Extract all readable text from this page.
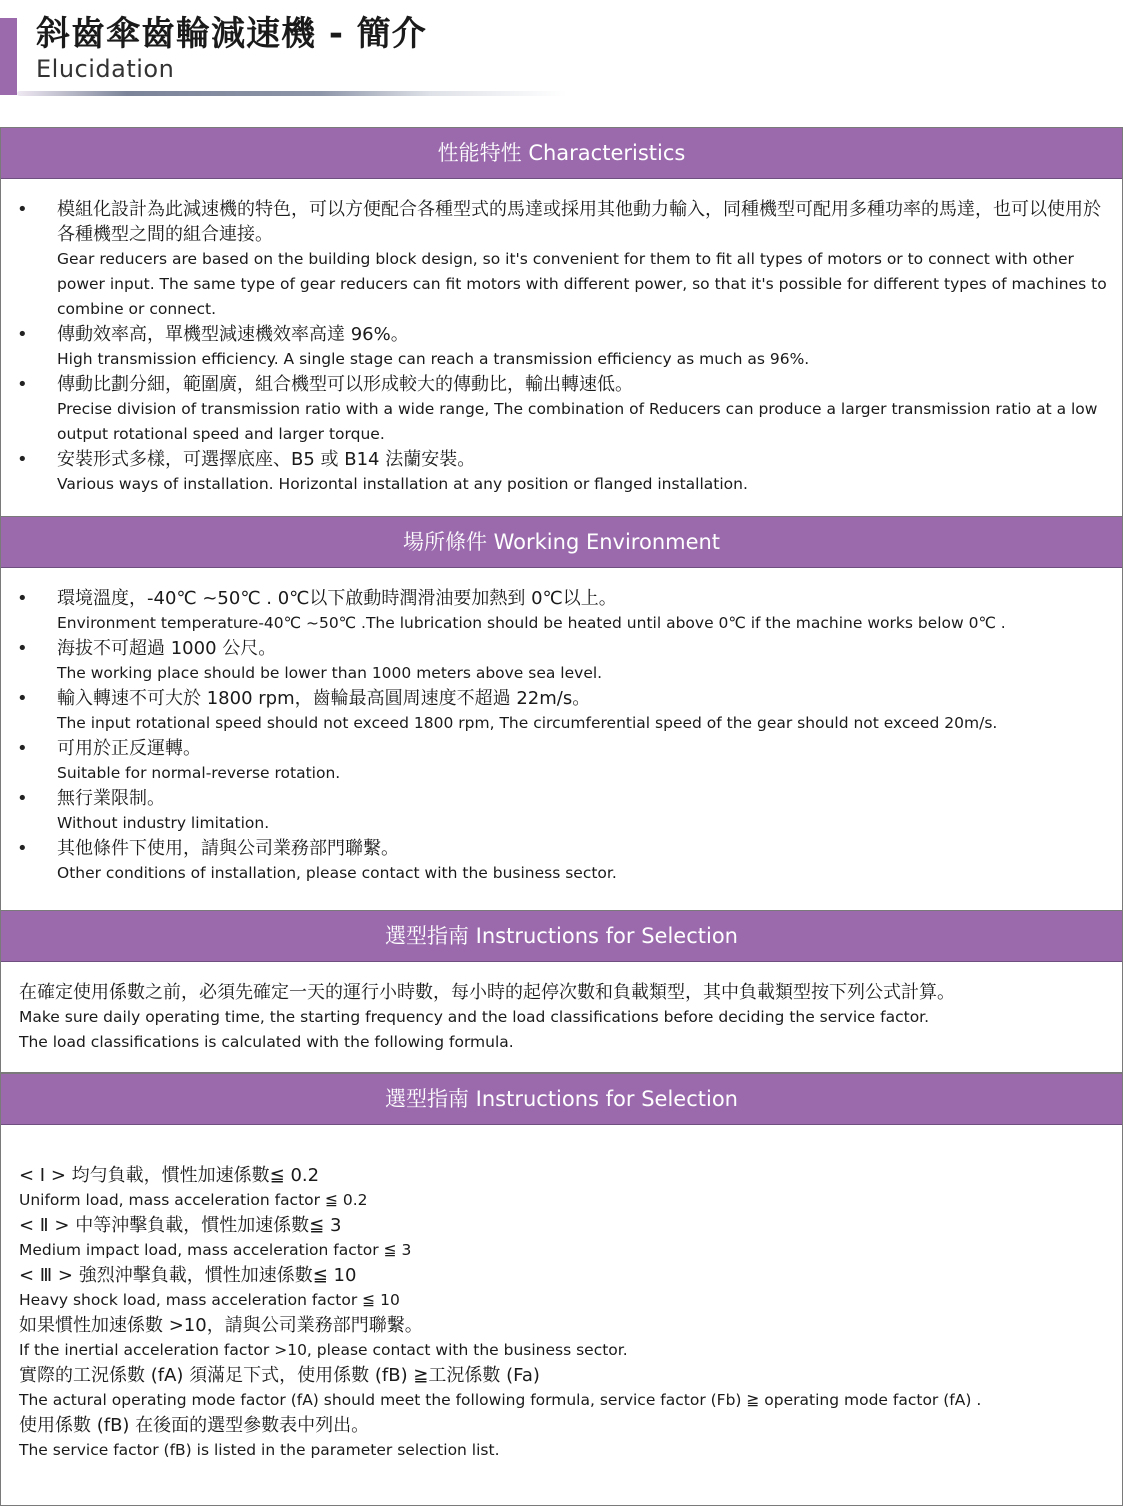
斜齒傘齒輪減速機 - 簡介
Elucidation
性能特性 Characteristics
• 模組化設計為此減速機的特色，可以方便配合各種型式的馬達或採用其他動力輸入，同種機型可配用多種功率的馬達，也可以使用於各種機型之間的組合連接。
Gear reducers are based on the building block design, so it's convenient for them to fit all types of motors or to connect with other power input. The same type of gear reducers can fit motors with different power, so that it's possible for different types of machines to combine or connect.
• 傳動效率高，單機型減速機效率高達 96%。
High transmission efficiency. A single stage can reach a transmission efficiency as much as 96%.
• 傳動比劃分細，範圍廣，組合機型可以形成較大的傳動比，輸出轉速低。
Precise division of transmission ratio with a wide range, The combination of Reducers can produce a larger transmission ratio at a low output rotational speed and larger torque.
• 安裝形式多樣，可選擇底座、B5 或 B14 法蘭安裝。
Various ways of installation. Horizontal installation at any position or flanged installation.
場所條件 Working Environment
• 環境溫度，-40℃ ~50℃ . 0℃以下啟動時潤滑油要加熱到 0℃以上。
Environment temperature-40℃ ~50℃ .The lubrication should be heated until above 0℃ if the machine works below 0℃ .
• 海拔不可超過 1000 公尺。
The working place should be lower than 1000 meters above sea level.
• 輸入轉速不可大於 1800 rpm，齒輪最高圓周速度不超過 22m/s。
The input rotational speed should not exceed 1800 rpm, The circumferential speed of the gear should not exceed 20m/s.
• 可用於正反運轉。
Suitable for normal-reverse rotation.
• 無行業限制。
Without industry limitation.
• 其他條件下使用，請與公司業務部門聯繫。
Other conditions of installation, please contact with the business sector.
選型指南 Instructions for Selection
在確定使用係數之前，必須先確定一天的運行小時數，每小時的起停次數和負載類型，其中負載類型按下列公式計算。
Make sure daily operating time, the starting frequency and the load classifications before deciding the service factor.
The load classifications is calculated with the following formula.
選型指南 Instructions for Selection
< Ⅰ > 均勻負載，慣性加速係數≦ 0.2
Uniform load, mass acceleration factor ≦ 0.2
< Ⅱ > 中等沖擊負載，慣性加速係數≦ 3
Medium impact load, mass acceleration factor ≦ 3
< Ⅲ > 強烈沖擊負載，慣性加速係數≦ 10
Heavy shock load, mass acceleration factor ≦ 10
如果慣性加速係數 >10，請與公司業務部門聯繫。
If the inertial acceleration factor >10, please contact with the business sector.
實際的工況係數 (fA) 須滿足下式，使用係數 (fB) ≧工況係數 (Fa)
The actural operating mode factor (fA) should meet the following formula, service factor (Fb) ≧ operating mode factor (fA) .
使用係數 (fB) 在後面的選型參數表中列出。
The service factor (fB) is listed in the parameter selection list.
